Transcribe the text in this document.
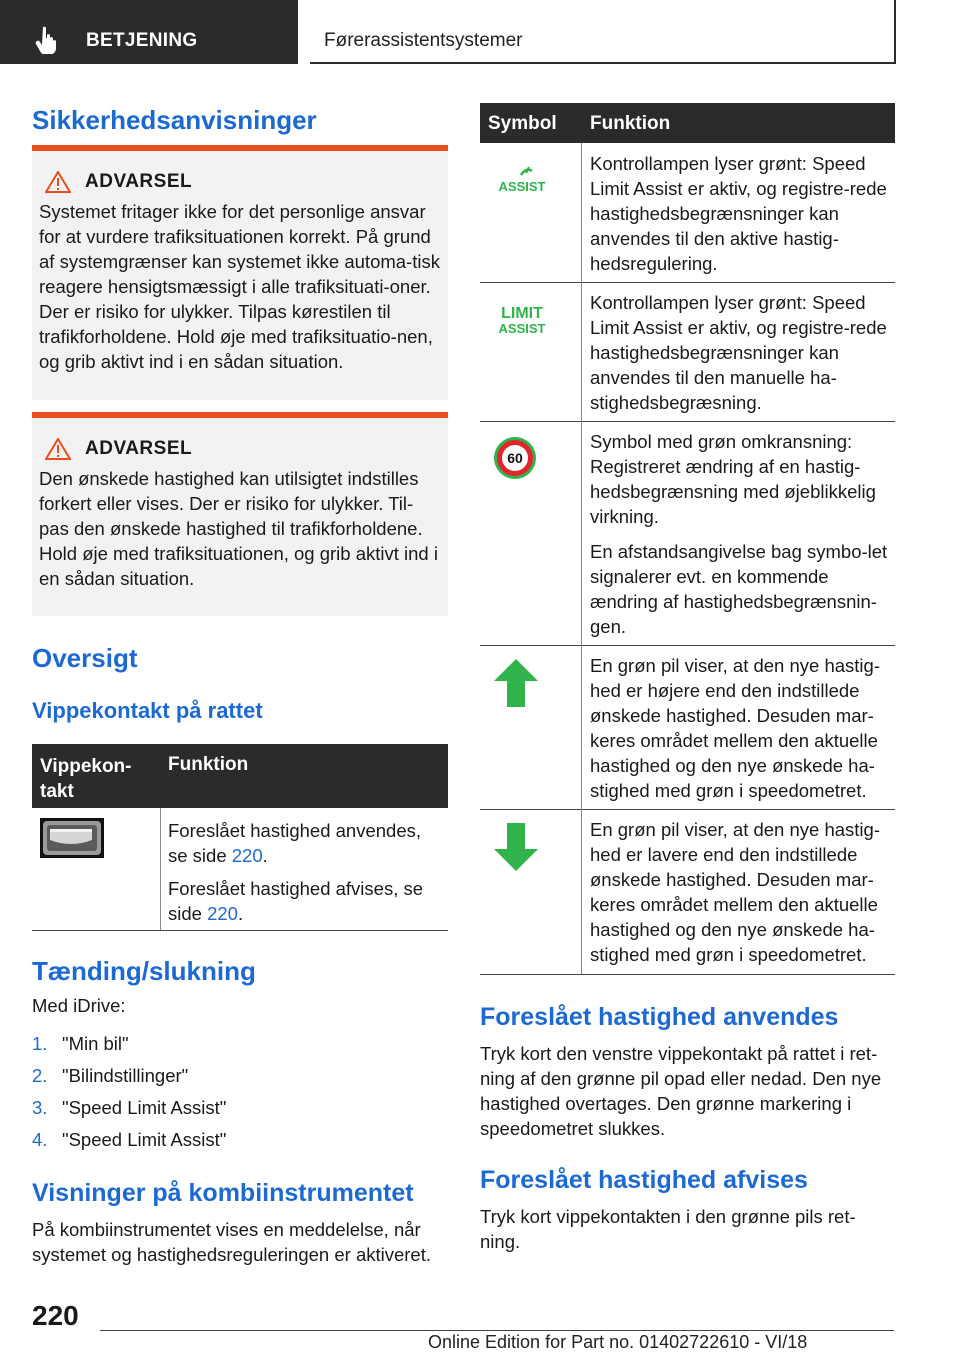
BETJENING	Førerassistentsystemer
Sikkerhedsanvisninger
ADVARSEL
Systemet fritager ikke for det personlige ansvar for at vurdere trafiksituationen korrekt. På grund af systemgrænser kan systemet ikke automa-tisk reagere hensigtsmæssigt i alle trafiksituati-oner. Der er risiko for ulykker. Tilpas kørestilen til trafikforholdene. Hold øje med trafiksituatio-nen, og grib aktivt ind i en sådan situation.
ADVARSEL
Den ønskede hastighed kan utilsigtet indstilles forkert eller vises. Der er risiko for ulykker. Til-pas den ønskede hastighed til trafikforholdene. Hold øje med trafiksituationen, og grib aktivt ind i en sådan situation.
Oversigt
Vippekontakt på rattet
Vippekon-takt
Funktion
Foreslået hastighed anvendes, se side 220.
Foreslået hastighed afvises, se side 220.
Tænding/slukning
Med iDrive:
1. "Min bil"
2. "Bilindstillinger"
3. "Speed Limit Assist"
4. "Speed Limit Assist"
Visninger på kombiinstrumentet
På kombiinstrumentet vises en meddelelse, når systemet og hastighedsreguleringen er aktiveret.
Symbol Funktion
ASSIST
Kontrollampen lyser grønt: Speed Limit Assist er aktiv, og registre-rede hastighedsbegrænsninger kan anvendes til den aktive hastig-hedsregulering.
LIMIT
ASSIST
Kontrollampen lyser grønt: Speed Limit Assist er aktiv, og registre-rede hastighedsbegrænsninger kan anvendes til den manuelle ha-stighedsbegræsning.
60
Symbol med grøn omkransning: Registreret ændring af en hastig-hedsbegrænsning med øjeblikkelig virkning.
En afstandsangivelse bag symbo-let signalerer evt. en kommende ændring af hastighedsbegrænsnin-gen.
En grøn pil viser, at den nye hastig-hed er højere end den indstillede ønskede hastighed. Desuden mar-keres området mellem den aktuelle hastighed og den nye ønskede ha-stighed med grøn i speedometret.
En grøn pil viser, at den nye hastig-hed er lavere end den indstillede ønskede hastighed. Desuden mar-keres området mellem den aktuelle hastighed og den nye ønskede ha-stighed med grøn i speedometret.
Foreslået hastighed anvendes
Tryk kort den venstre vippekontakt på rattet i ret-ning af den grønne pil opad eller nedad. Den nye hastighed overtages. Den grønne markering i speedometret slukkes.
Foreslået hastighed afvises
Tryk kort vippekontakten i den grønne pils ret-ning.
220
Online Edition for Part no. 01402722610 - VI/18
